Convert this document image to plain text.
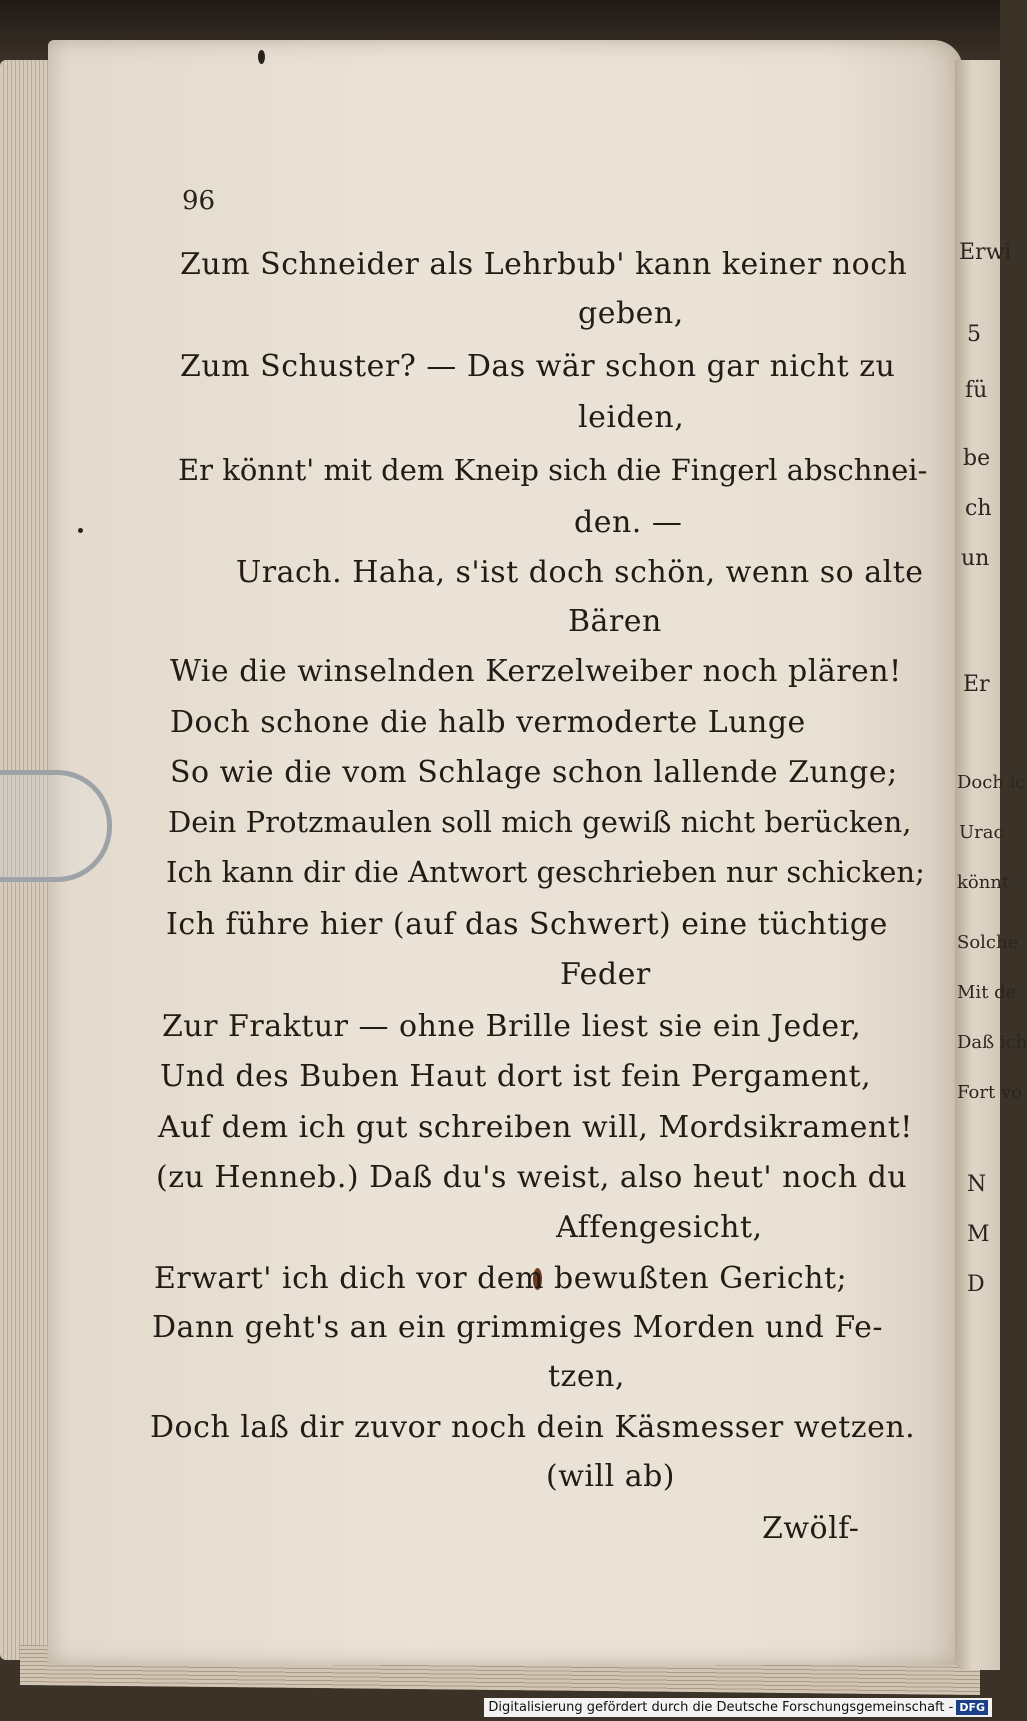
Erwi
5
fü
be
ch
un
Er
Doch ic
Urac
könnt
Solche
Mit de
Daß ich
Fort vo
N
M
D
96
Zum Schneider als Lehrbub' kann keiner noch
geben,
Zum Schuster? — Das wär schon gar nicht zu
leiden,
Er könnt' mit dem Kneip sich die Fingerl abschnei-
den. —
Urach. Haha, s'ist doch schön, wenn so alte
Bären
Wie die winselnden Kerzelweiber noch plären!
Doch schone die halb vermoderte Lunge
So wie die vom Schlage schon lallende Zunge;
Dein Protzmaulen soll mich gewiß nicht berücken,
Ich kann dir die Antwort geschrieben nur schicken;
Ich führe hier (auf das Schwert) eine tüchtige
Feder
Zur Fraktur — ohne Brille liest sie ein Jeder,
Und des Buben Haut dort ist fein Pergament,
Auf dem ich gut schreiben will, Mordsikrament!
(zu Henneb.) Daß du's weist, also heut' noch du
Affengesicht,
Erwart' ich dich vor dem bewußten Gericht;
Dann geht's an ein grimmiges Morden und Fe-
tzen,
Doch laß dir zuvor noch dein Käsmesser wetzen.
(will ab)
Zwölf-
Digitalisierung gefördert durch die Deutsche Forschungsgemeinschaft - DFG
